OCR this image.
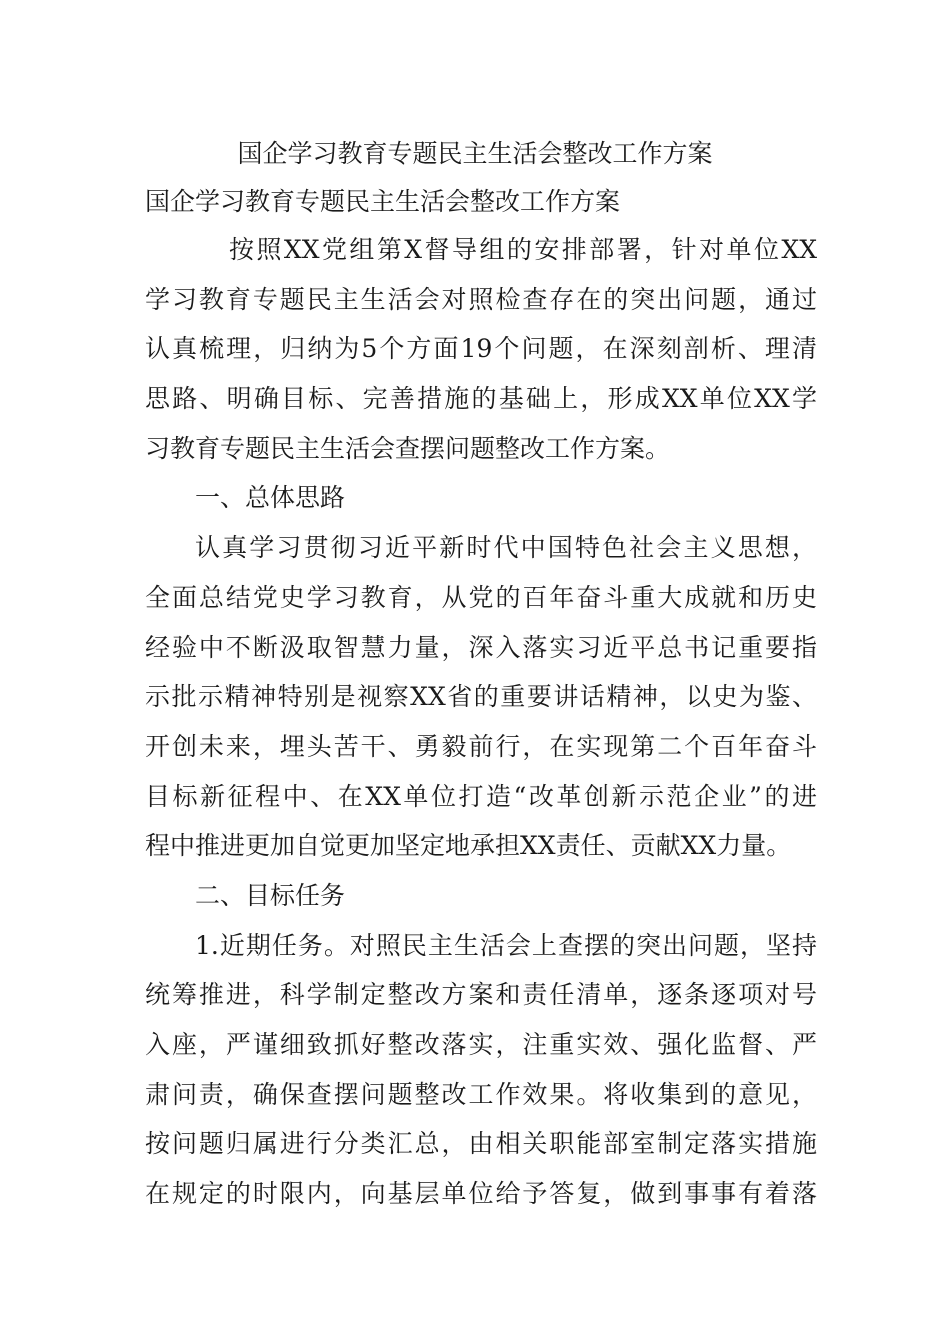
国企学习教育专题民主生活会整改工作方案
国企学习教育专题民主生活会整改工作方案
按照XX党组第X督导组的安排部署，针对单位XX
学习教育专题民主生活会对照检查存在的突出问题，通过
认真梳理，归纳为5个方面19个问题，在深刻剖析、理清
思路、明确目标、完善措施的基础上，形成XX单位XX学
习教育专题民主生活会查摆问题整改工作方案。
一、总体思路
认真学习贯彻习近平新时代中国特色社会主义思想，
全面总结党史学习教育，从党的百年奋斗重大成就和历史
经验中不断汲取智慧力量，深入落实习近平总书记重要指
示批示精神特别是视察XX省的重要讲话精神，以史为鉴、
开创未来，埋头苦干、勇毅前行，在实现第二个百年奋斗
目标新征程中、在XX单位打造“改革创新示范企业”的进
程中推进更加自觉更加坚定地承担XX责任、贡献XX力量。
二、目标任务
1.近期任务。对照民主生活会上查摆的突出问题，坚持
统筹推进，科学制定整改方案和责任清单，逐条逐项对号
入座，严谨细致抓好整改落实，注重实效、强化监督、严
肃问责，确保查摆问题整改工作效果。将收集到的意见，
按问题归属进行分类汇总，由相关职能部室制定落实措施
在规定的时限内，向基层单位给予答复，做到事事有着落
